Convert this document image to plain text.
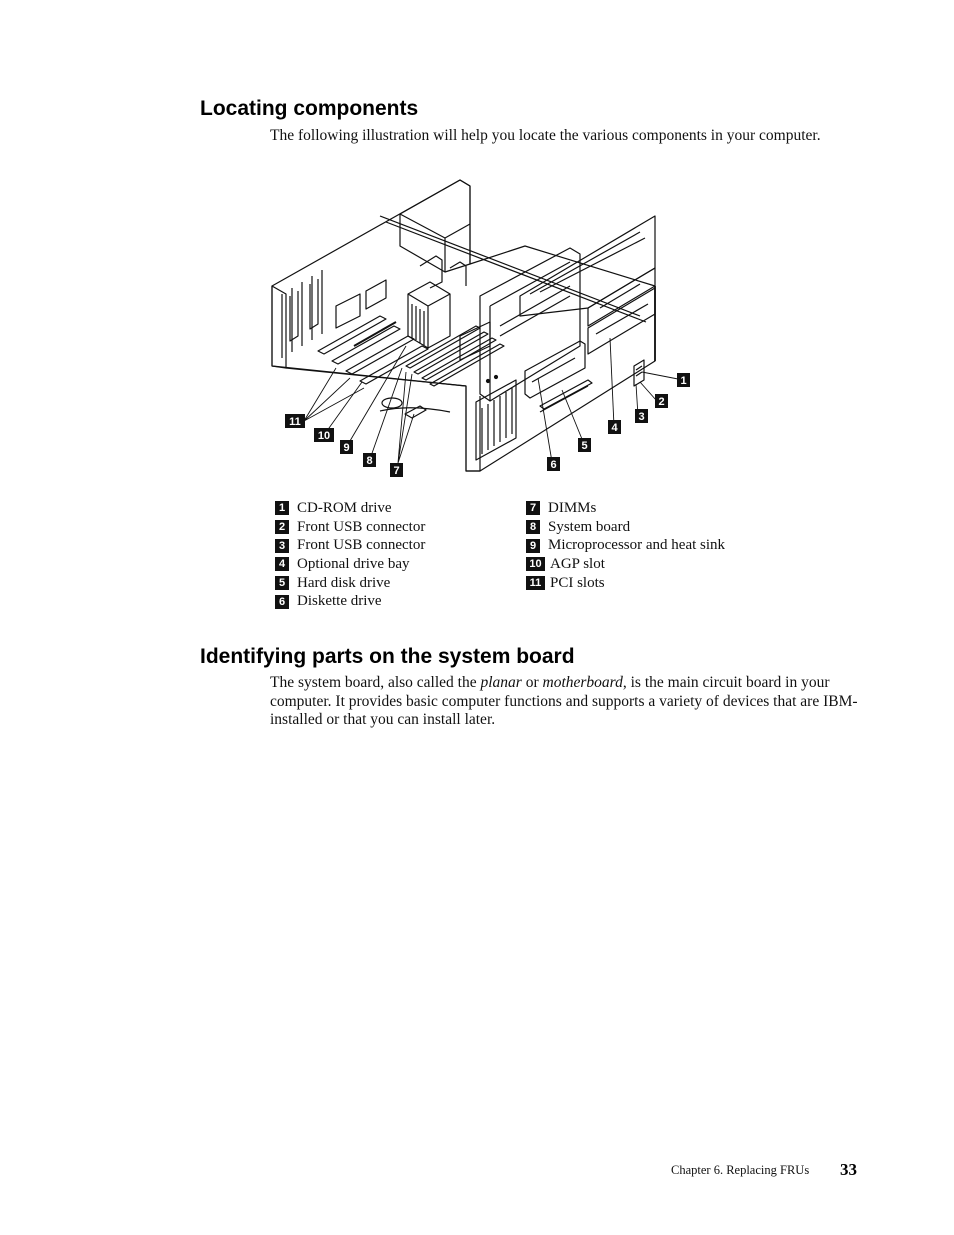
Locating components

The following illustration will help you locate the various components in your computer.

1
2
3
4
5
6
7
8
9
10
11
1 CD-ROM drive
2 Front USB connector
3 Front USB connector
4 Optional drive bay
5 Hard disk drive
6 Diskette drive
7 DIMMs
8 System board
9 Microprocessor and heat sink
10 AGP slot
11 PCI slots
Identifying parts on the system board

The system board, also called the planar or motherboard, is the main circuit board in your computer. It provides basic computer functions and supports a variety of devices that are IBM-installed or that you can install later.

Chapter 6. Replacing FRUs 33
